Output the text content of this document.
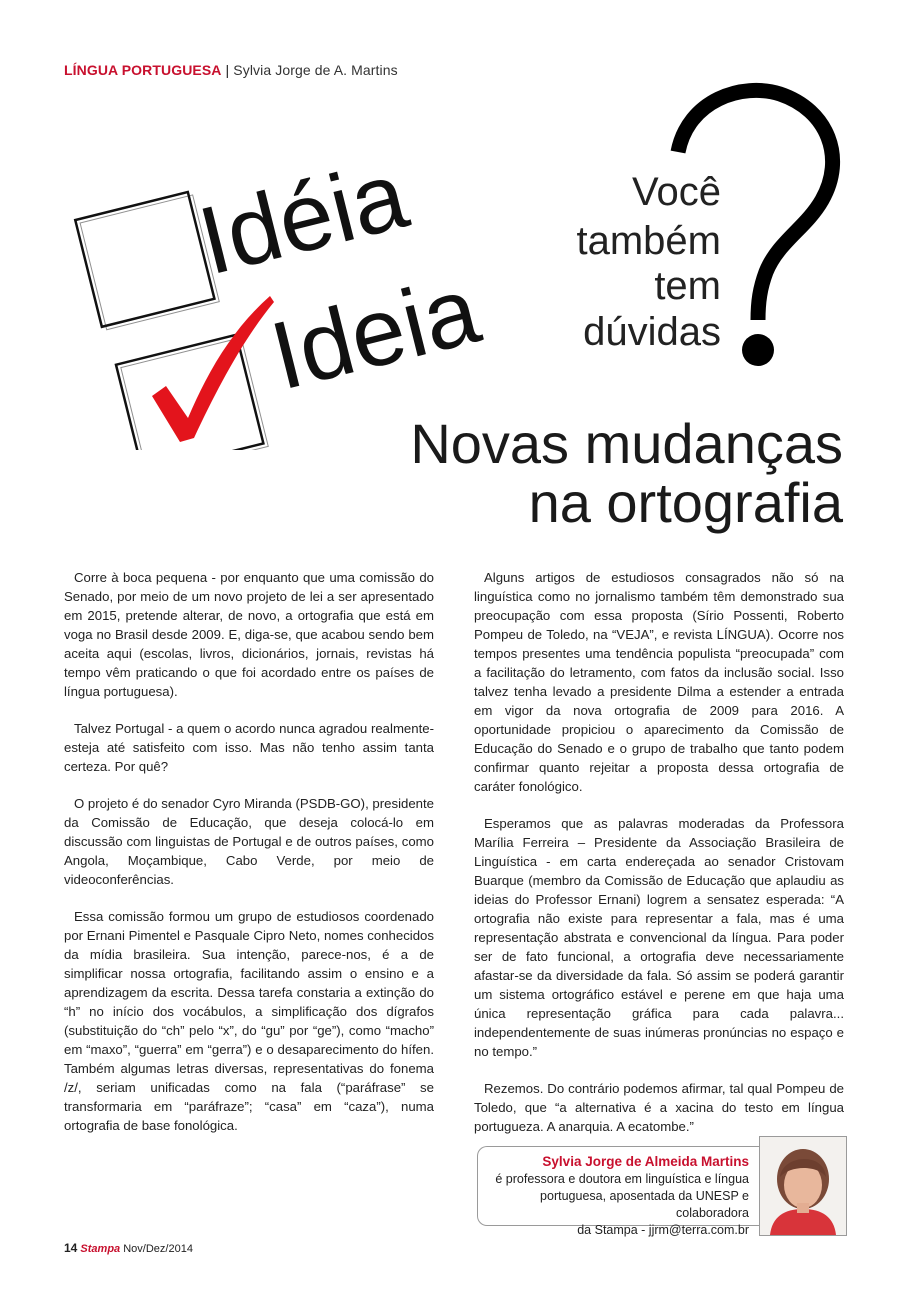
LÍNGUA PORTUGUESA | Sylvia Jorge de A. Martins
Idéia
Ideia
Você
também
tem
dúvidas
Novas mudanças
na ortografia

Corre à boca pequena - por enquanto que uma comissão do Senado, por meio de um novo projeto de lei a ser apresentado em 2015, pretende alterar, de novo, a ortografia que está em voga no Brasil desde 2009. E, diga-se, que acabou sendo bem aceita aqui (escolas, livros, dicionários, jornais, revistas há tempo vêm praticando o que foi acordado entre os países de língua portuguesa).

Talvez Portugal - a quem o acordo nunca agradou realmente- esteja até satisfeito com isso. Mas não tenho assim tanta certeza. Por quê?

O projeto é do senador Cyro Miranda (PSDB-GO), presidente da Comissão de Educação, que deseja colocá-lo em discussão com linguistas de Portugal e de outros países, como Angola, Moçambique, Cabo Verde, por meio de videoconferências.

Essa comissão formou um grupo de estudiosos coordenado por Ernani Pimentel e Pasquale Cipro Neto, nomes conhecidos da mídia brasileira. Sua intenção, parece-nos, é a de simplificar nossa ortografia, facilitando assim o ensino e a aprendizagem da escrita. Dessa tarefa constaria a extinção do “h” no início dos vocábulos, a simplificação dos dígrafos (substituição do “ch” pelo “x”, do “gu” por “ge”), como “macho” em “maxo”, “guerra” em “gerra”) e o desaparecimento do hífen. Também algumas letras diversas, representativas do fonema /z/, seriam unificadas como na fala (“paráfrase” se transformaria em “paráfraze”; “casa” em “caza”), numa ortografia de base fonológica.

Alguns artigos de estudiosos consagrados não só na linguística como no jornalismo também têm demonstrado sua preocupação com essa proposta (Sírio Possenti, Roberto Pompeu de Toledo, na “VEJA”, e revista LÍNGUA). Ocorre nos tempos presentes uma tendência populista “preocupada” com a facilitação do letramento, com fatos da inclusão social. Isso talvez tenha levado a presidente Dilma a estender a entrada em vigor da nova ortografia de 2009 para 2016. A oportunidade propiciou o aparecimento da Comissão de Educação do Senado e o grupo de trabalho que tanto podem confirmar quanto rejeitar a proposta dessa ortografia de caráter fonológico.

Esperamos que as palavras moderadas da Professora Marília Ferreira – Presidente da Associação Brasileira de Linguística - em carta endereçada ao senador Cristovam Buarque (membro da Comissão de Educação que aplaudiu as ideias do Professor Ernani) logrem a sensatez esperada: “A ortografia não existe para representar a fala, mas é uma representação abstrata e convencional da língua. Para poder ser de fato funcional, a ortografia deve necessariamente afastar-se da diversidade da fala. Só assim se poderá garantir um sistema ortográfico estável e perene em que haja uma única representação gráfica para cada palavra... independentemente de suas inúmeras pronúncias no espaço e no tempo.”

Rezemos. Do contrário podemos afirmar, tal qual Pompeu de Toledo, que “a alternativa é a xacina do testo em língua portugueza. A anarquia. A ecatombe.”

Sylvia Jorge de Almeida Martins
é professora e doutora em linguística e língua
portuguesa, aposentada da UNESP e colaboradora
da Stampa - jjrm@terra.com.br
14 Stampa Nov/Dez/2014
